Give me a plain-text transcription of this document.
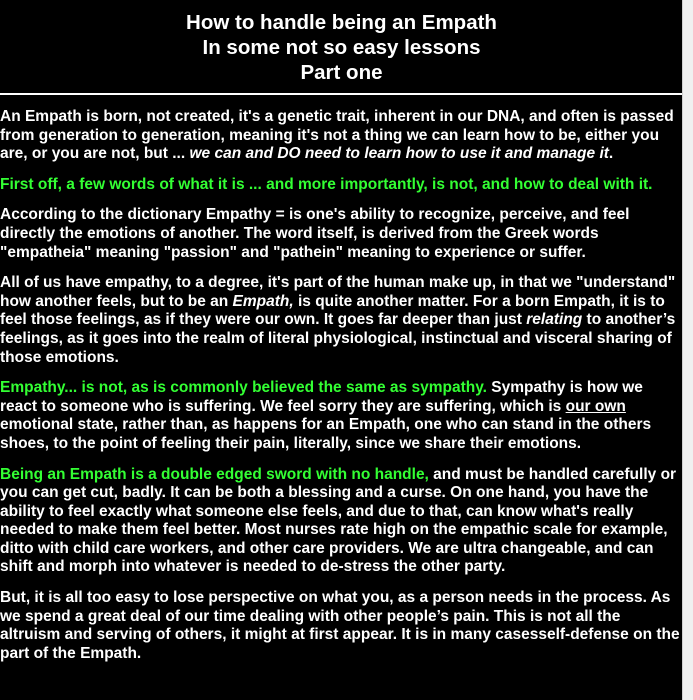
How to handle being an Empath
In some not so easy lessons
Part one

An Empath is born, not created, it's a genetic trait, inherent in our DNA, and often is passed from generation to generation, meaning it's not a thing we can learn how to be, either you are, or you are not, but ... we can and DO need to learn how to use it and manage it.

First off, a few words of what it is ... and more importantly, is not, and how to deal with it.

According to the dictionary Empathy = is one's ability to recognize, perceive, and feel directly the emotions of another. The word itself, is derived from the Greek words "empatheia" meaning "passion" and "pathein" meaning to experience or suffer.

All of us have empathy, to a degree, it's part of the human make up, in that we "understand" how another feels, but to be an Empath, is quite another matter. For a born Empath, it is to feel those feelings, as if they were our own. It goes far deeper than just relating to another’s feelings, as it goes into the realm of literal physiological, instinctual and visceral sharing of those emotions.

Empathy... is not, as is commonly believed the same as sympathy. Sympathy is how we react to someone who is suffering. We feel sorry they are suffering, which is our own emotional state, rather than, as happens for an Empath, one who can stand in the others shoes, to the point of feeling their pain, literally, since we share their emotions.

Being an Empath is a double edged sword with no handle, and must be handled carefully or you can get cut, badly. It can be both a blessing and a curse. On one hand, you have the ability to feel exactly what someone else feels, and due to that, can know what's really needed to make them feel better. Most nurses rate high on the empathic scale for example, ditto with child care workers, and other care providers. We are ultra changeable, and can shift and morph into whatever is needed to de-stress the other party.

But, it is all too easy to lose perspective on what you, as a person needs in the process. As we spend a great deal of our time dealing with other people’s pain. This is not all the altruism and serving of others, it might at first appear. It is in many casesself-defense on the part of the Empath.
